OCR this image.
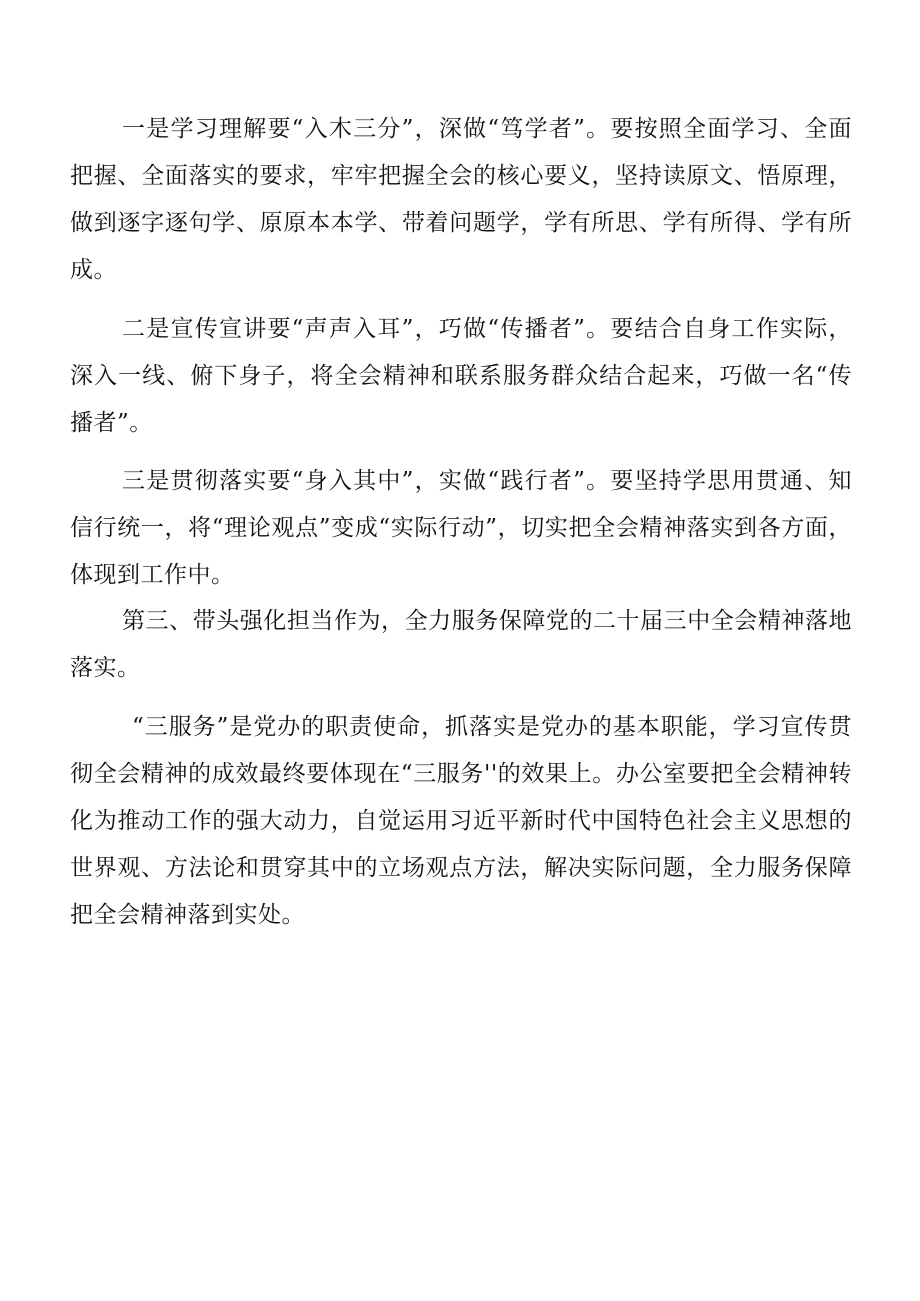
一是学习理解要“入木三分”，深做“笃学者”。要按照全面学习、全面把握、全面落实的要求，牢牢把握全会的核心要义，坚持读原文、悟原理，做到逐字逐句学、原原本本学、带着问题学，学有所思、学有所得、学有所成。

二是宣传宣讲要“声声入耳”，巧做“传播者”。要结合自身工作实际，深入一线、俯下身子，将全会精神和联系服务群众结合起来，巧做一名“传播者”。

三是贯彻落实要“身入其中”，实做“践行者”。要坚持学思用贯通、知信行统一，将“理论观点”变成“实际行动”，切实把全会精神落实到各方面，体现到工作中。

第三、带头强化担当作为，全力服务保障党的二十届三中全会精神落地落实。

“三服务”是党办的职责使命，抓落实是党办的基本职能，学习宣传贯彻全会精神的成效最终要体现在“三服务''的效果上。办公室要把全会精神转化为推动工作的强大动力，自觉运用习近平新时代中国特色社会主义思想的世界观、方法论和贯穿其中的立场观点方法，解决实际问题，全力服务保障把全会精神落到实处。
